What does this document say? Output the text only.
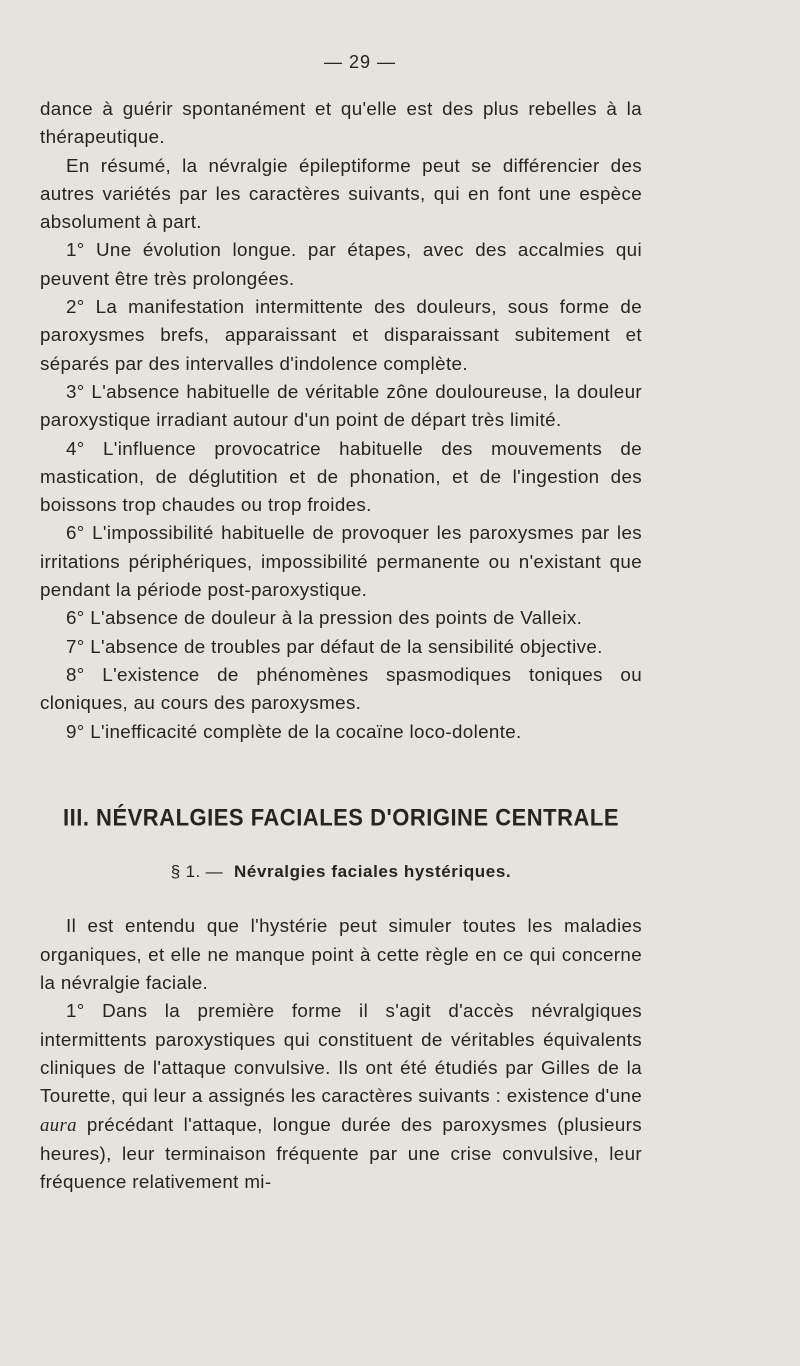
— 29 —

dance à guérir spontanément et qu'elle est des plus rebelles à la thérapeutique.

En résumé, la névralgie épileptiforme peut se différencier des autres variétés par les caractères suivants, qui en font une espèce absolument à part.

1° Une évolution longue. par étapes, avec des accalmies qui peuvent être très prolongées.

2° La manifestation intermittente des douleurs, sous forme de paroxysmes brefs, apparaissant et disparaissant subitement et séparés par des intervalles d'indolence complète.

3° L'absence habituelle de véritable zône douloureuse, la douleur paroxystique irradiant autour d'un point de départ très limité.

4° L'influence provocatrice habituelle des mouvements de mastication, de déglutition et de phonation, et de l'ingestion des boissons trop chaudes ou trop froides.

6° L'impossibilité habituelle de provoquer les paroxysmes par les irritations périphériques, impossibilité permanente ou n'existant que pendant la période post-paroxystique.

6° L'absence de douleur à la pression des points de Valleix.

7° L'absence de troubles par défaut de la sensibilité objective.

8° L'existence de phénomènes spasmodiques toniques ou cloniques, au cours des paroxysmes.

9° L'inefficacité complète de la cocaïne loco-dolente.

III. NÉVRALGIES FACIALES D'ORIGINE CENTRALE
§ 1. — Névralgies faciales hystériques.

Il est entendu que l'hystérie peut simuler toutes les maladies organiques, et elle ne manque point à cette règle en ce qui concerne la névralgie faciale.

1° Dans la première forme il s'agit d'accès névralgiques intermittents paroxystiques qui constituent de véritables équivalents cliniques de l'attaque convulsive. Ils ont été étudiés par Gilles de la Tourette, qui leur a assignés les caractères suivants : existence d'une aura précédant l'attaque, longue durée des paroxysmes (plusieurs heures), leur terminaison fréquente par une crise convulsive, leur fréquence relativement mi-
